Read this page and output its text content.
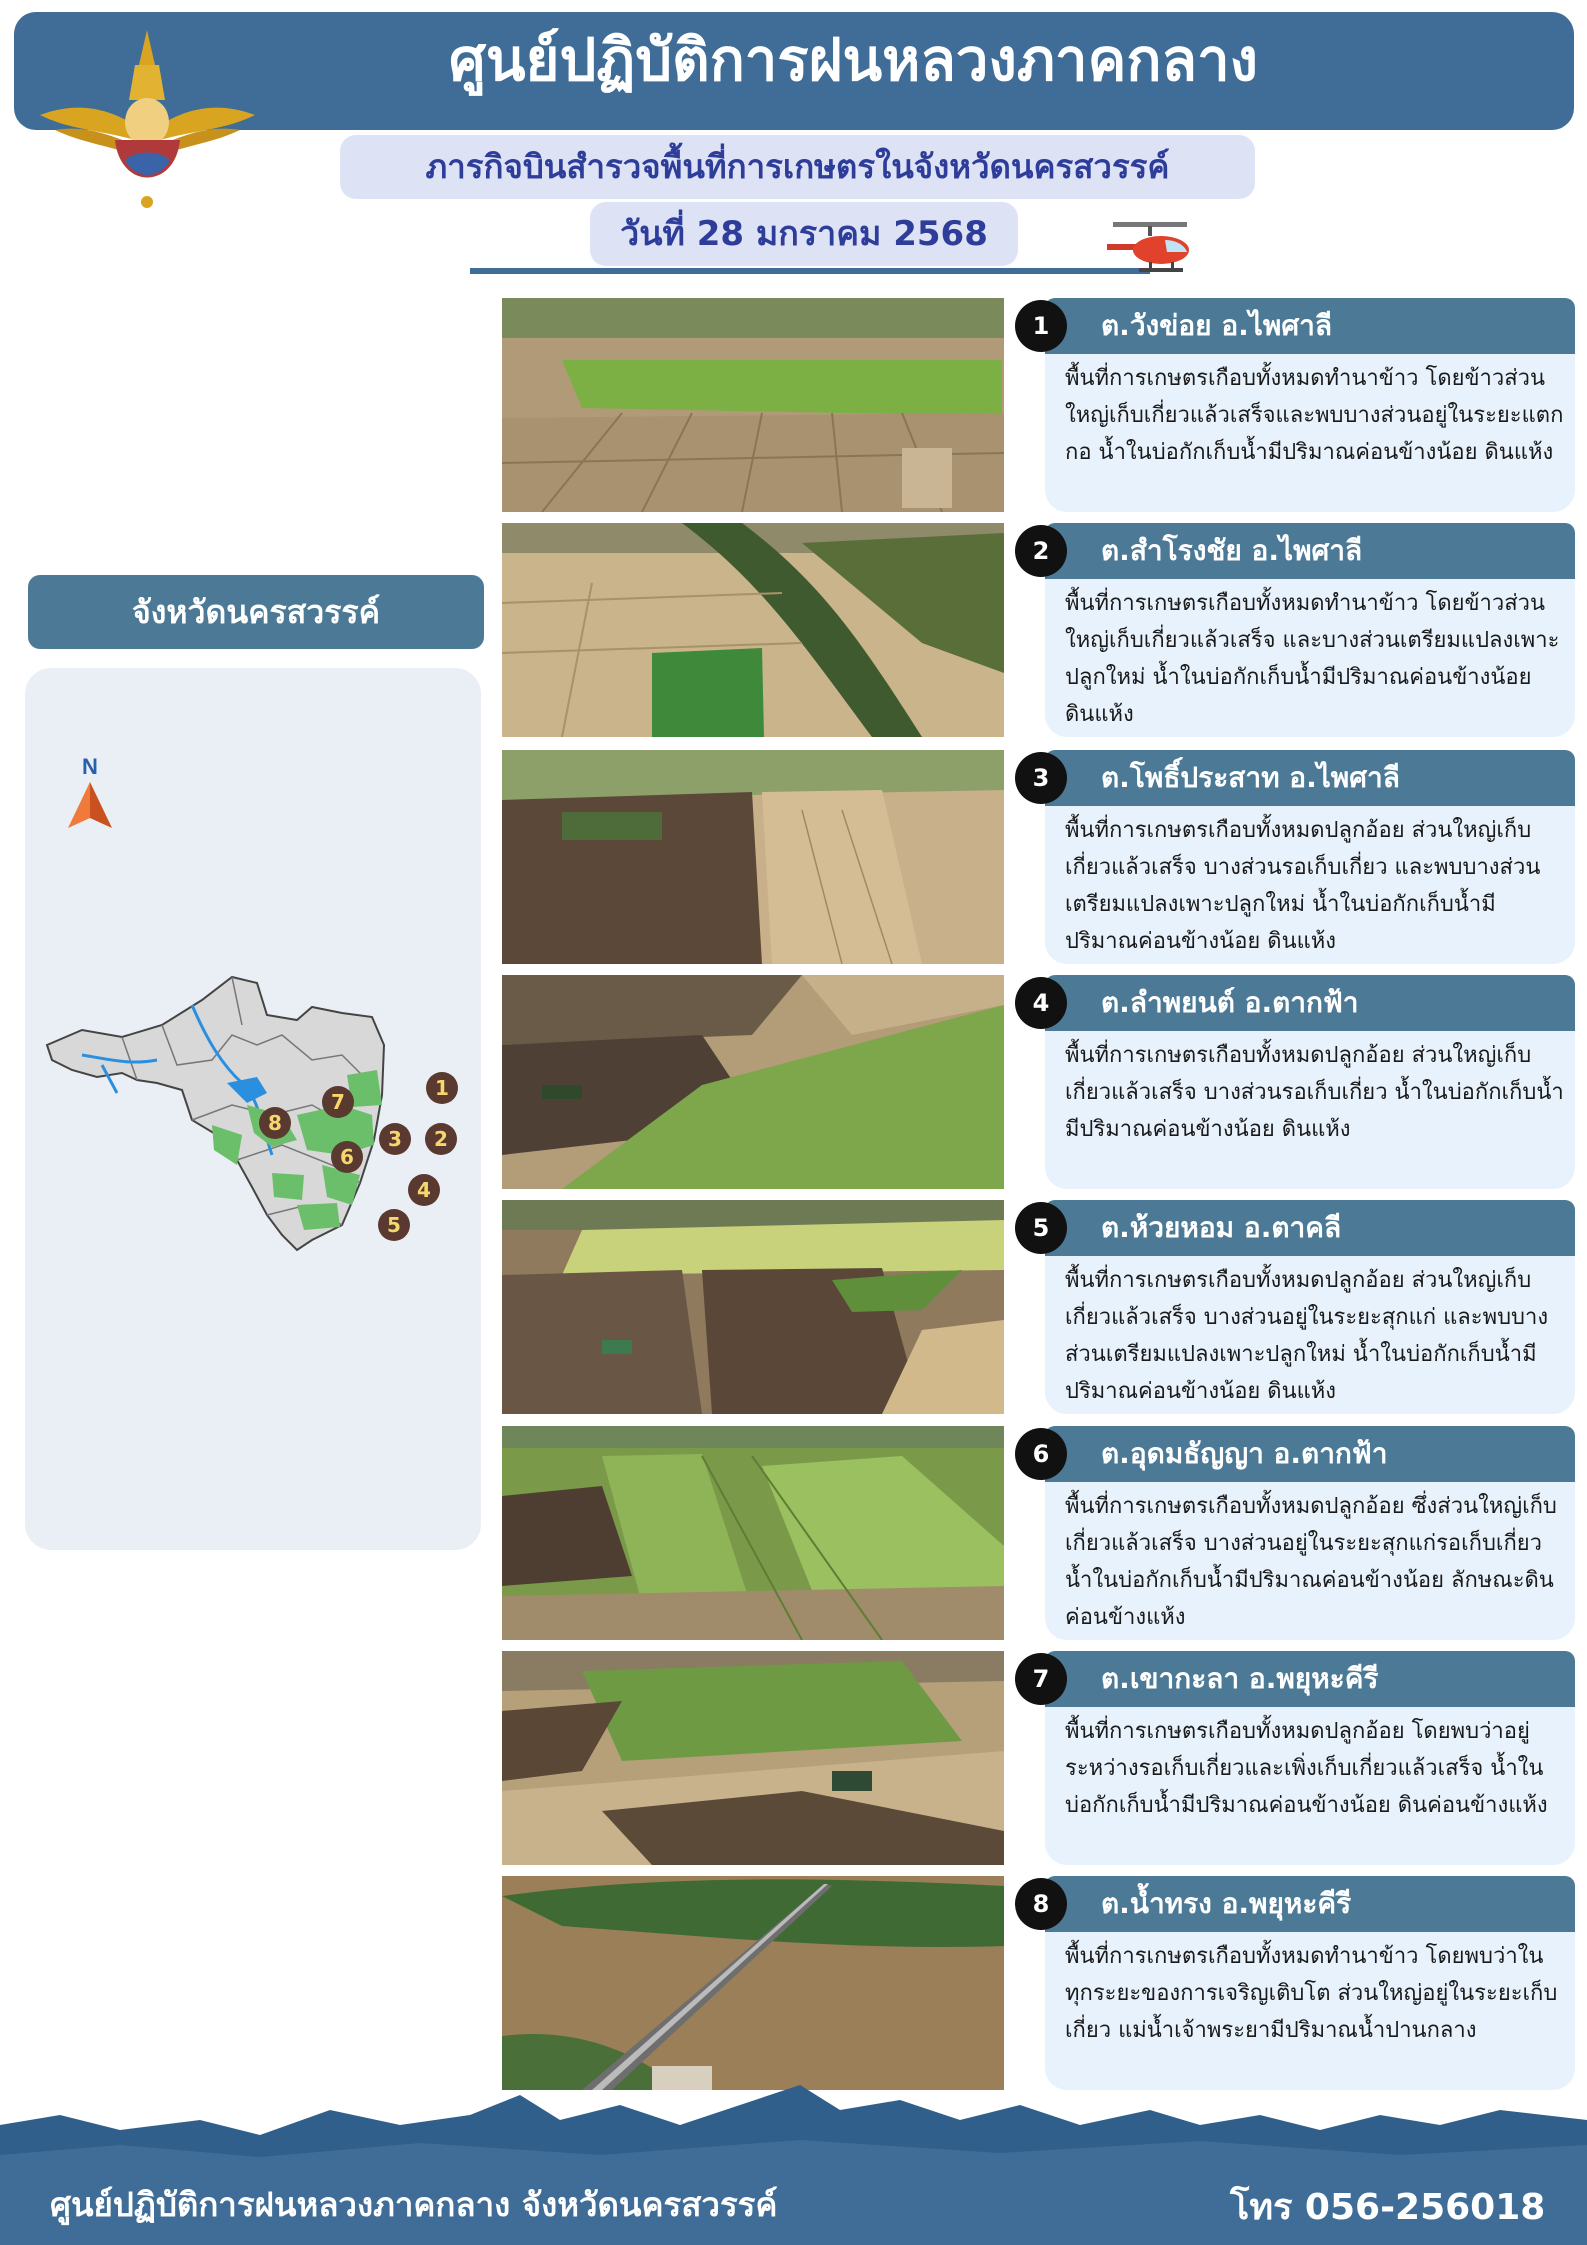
ศูนย์ปฏิบัติการฝนหลวงภาคกลาง
ภารกิจบินสำรวจพื้นที่การเกษตรในจังหวัดนครสวรรค์
วันที่ 28 มกราคม 2568
จังหวัดนครสวรรค์
N
1
2
3
4
5
6
7
8
1	ต.วังข่อย อ.ไพศาลี
พื้นที่การเกษตรเกือบทั้งหมดทำนาข้าว โดยข้าวส่วนใหญ่เก็บเกี่ยวแล้วเสร็จและพบบางส่วนอยู่ในระยะแตกกอ น้ำในบ่อกักเก็บน้ำมีปริมาณค่อนข้างน้อย ดินแห้ง
2	ต.สำโรงชัย อ.ไพศาลี
พื้นที่การเกษตรเกือบทั้งหมดทำนาข้าว โดยข้าวส่วนใหญ่เก็บเกี่ยวแล้วเสร็จ และบางส่วนเตรียมแปลงเพาะปลูกใหม่ น้ำในบ่อกักเก็บน้ำมีปริมาณค่อนข้างน้อย ดินแห้ง
3	ต.โพธิ์ประสาท อ.ไพศาลี
พื้นที่การเกษตรเกือบทั้งหมดปลูกอ้อย ส่วนใหญ่เก็บเกี่ยวแล้วเสร็จ บางส่วนรอเก็บเกี่ยว และพบบางส่วนเตรียมแปลงเพาะปลูกใหม่ น้ำในบ่อกักเก็บน้ำมีปริมาณค่อนข้างน้อย ดินแห้ง
4	ต.ลำพยนต์ อ.ตากฟ้า
พื้นที่การเกษตรเกือบทั้งหมดปลูกอ้อย ส่วนใหญ่เก็บเกี่ยวแล้วเสร็จ บางส่วนรอเก็บเกี่ยว น้ำในบ่อกักเก็บน้ำมีปริมาณค่อนข้างน้อย ดินแห้ง
5	ต.ห้วยหอม อ.ตาคลี
พื้นที่การเกษตรเกือบทั้งหมดปลูกอ้อย ส่วนใหญ่เก็บเกี่ยวแล้วเสร็จ บางส่วนอยู่ในระยะสุกแก่ และพบบางส่วนเตรียมแปลงเพาะปลูกใหม่ น้ำในบ่อกักเก็บน้ำมีปริมาณค่อนข้างน้อย ดินแห้ง
6	ต.อุดมธัญญา อ.ตากฟ้า
พื้นที่การเกษตรเกือบทั้งหมดปลูกอ้อย ซึ่งส่วนใหญ่เก็บเกี่ยวแล้วเสร็จ บางส่วนอยู่ในระยะสุกแก่รอเก็บเกี่ยว น้ำในบ่อกักเก็บน้ำมีปริมาณค่อนข้างน้อย ลักษณะดินค่อนข้างแห้ง
7	ต.เขากะลา อ.พยุหะคีรี
พื้นที่การเกษตรเกือบทั้งหมดปลูกอ้อย โดยพบว่าอยู่ระหว่างรอเก็บเกี่ยวและเพิ่งเก็บเกี่ยวแล้วเสร็จ น้ำในบ่อกักเก็บน้ำมีปริมาณค่อนข้างน้อย ดินค่อนข้างแห้ง
8	ต.น้ำทรง อ.พยุหะคีรี
พื้นที่การเกษตรเกือบทั้งหมดทำนาข้าว โดยพบว่าในทุกระยะของการเจริญเติบโต ส่วนใหญ่อยู่ในระยะเก็บเกี่ยว แม่น้ำเจ้าพระยามีปริมาณน้ำปานกลาง
ศูนย์ปฏิบัติการฝนหลวงภาคกลาง จังหวัดนครสวรรค์	โทร 056-256018
